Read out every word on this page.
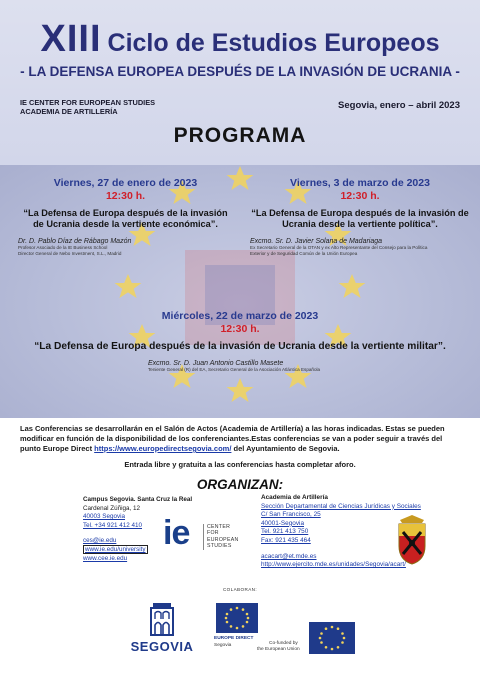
XIII Ciclo de Estudios Europeos
- LA DEFENSA EUROPEA DESPUÉS DE LA INVASIÓN DE UCRANIA -
IE CENTER FOR EUROPEAN STUDIES
ACADEMIA DE ARTILLERÍA
Segovia, enero – abril 2023
PROGRAMA
Viernes, 27 de enero de 2023
12:30 h.
“La Defensa de Europa después de la invasión de Ucrania desde la vertiente económica”.
Dr. D. Pablo Díaz de Rábago Mazón
Profesor Asociado de la IE Business School
Director General de Nebo Investment, S.L., Madrid
Viernes, 3 de marzo de 2023
12:30 h.
“La Defensa de Europa después de la invasión de Ucrania desde la vertiente política”.
Excmo. Sr. D. Javier Solana de Madariaga
Ex Secretario General de la OTAN y ex Alto Representante del Consejo para la Política
Exterior y de Seguridad Común de la Unión Europea
Miércoles, 22 de marzo de 2023
12:30 h.
“La Defensa de Europa después de la invasión de Ucrania desde la vertiente militar”.
Excmo. Sr. D. Juan Antonio Castillo Masete
Teniente General (R) del EA, Secretario General de la Asociación Atlántica Española
Las Conferencias se desarrollarán en el Salón de Actos (Academia de Artillería) a las horas indicadas. Estas se pueden modificar en función de la disponibilidad de los conferenciantes.Estas conferencias se van a poder seguir a través del punto Europe Direct https://www.europedirectsegovia.com/ del Ayuntamiento de Segovia.
Entrada libre y gratuita a las conferencias hasta completar aforo.
ORGANIZAN:
Campus Segovia. Santa Cruz la Real
Cardenal Zúñiga, 12
40003 Segovia
Tel. +34 921 412 410
ces@ie.edu
www.ie.edu/university
www.cee.ie.edu
ie	CENTER
FOR
EUROPEAN
STUDIES
Academia de Artillería
Sección Departamental de Ciencias Jurídicas y Sociales
C/ San Francisco, 25
40001-Segovia
Tel. 921 413 750
Fax: 921 435 464
acacart@et.mde.es
http://www.ejercito.mde.es/unidades/Segovia/acart/
COLABORAN:
SEGOVIA
EUROPE DIRECT
Segovia	Co-funded by
the European Union
